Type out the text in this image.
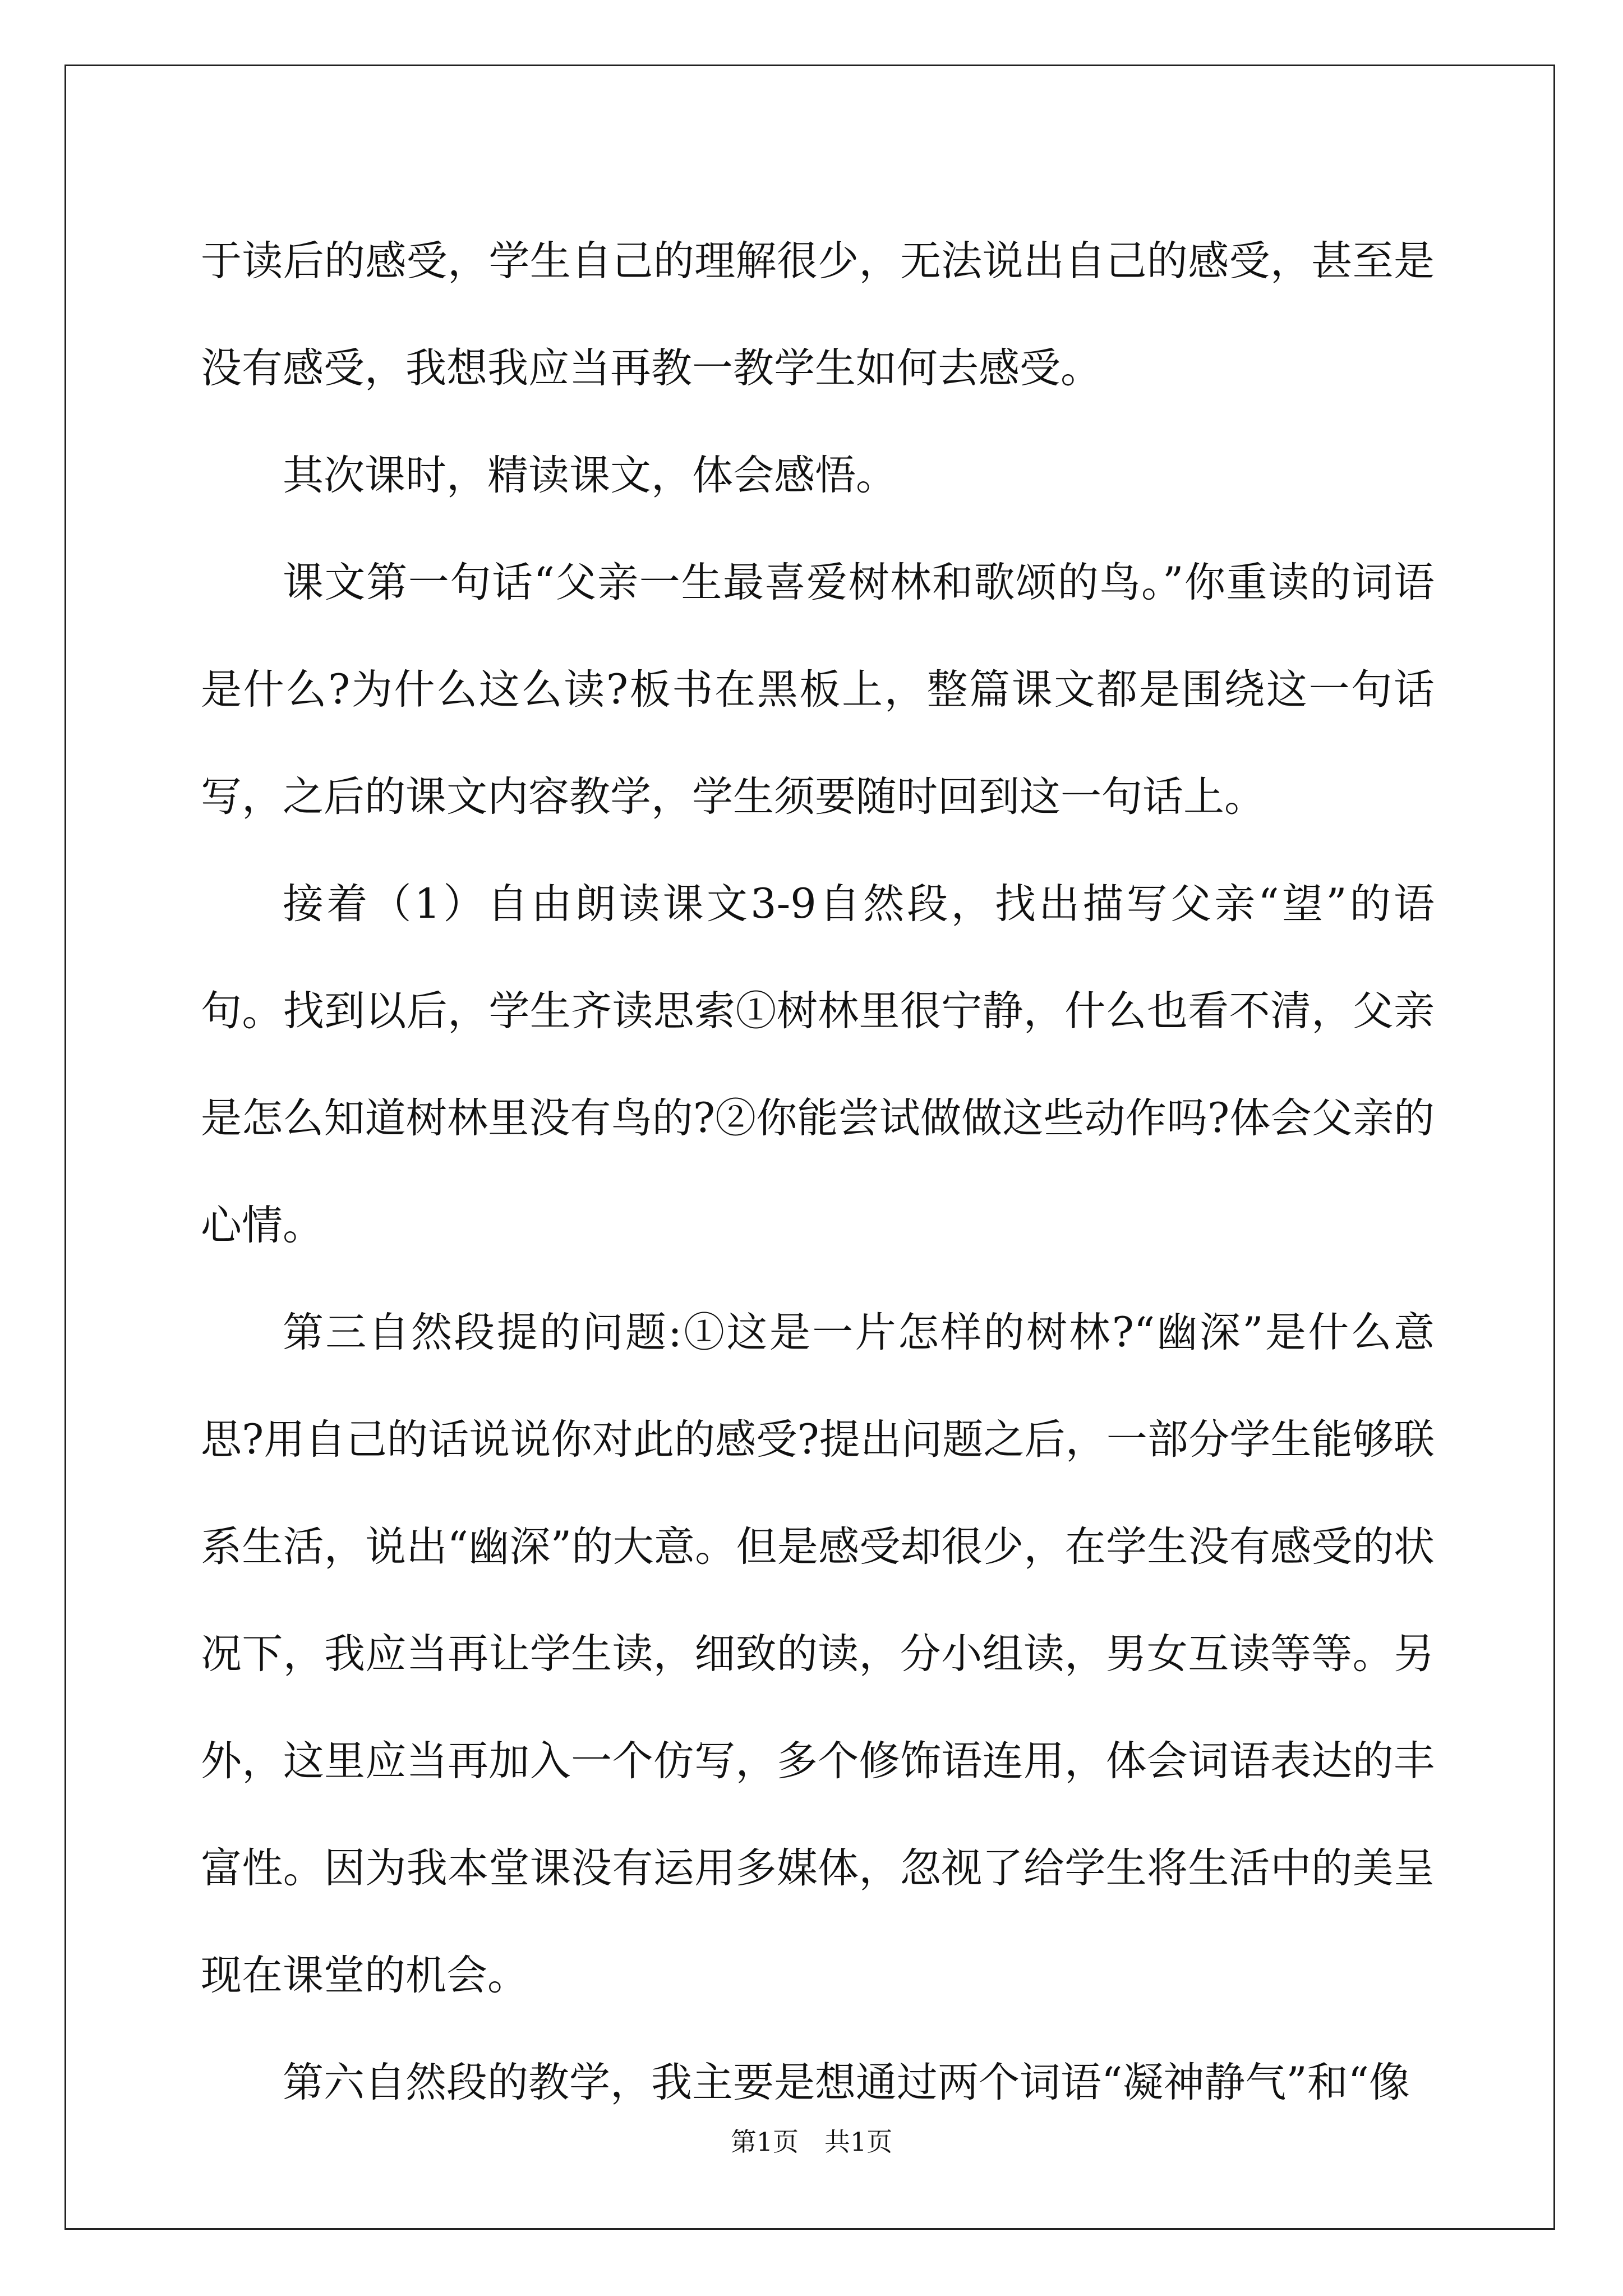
于读后的感受，学生自己的理解很少，无法说出自己的感受，甚至是没有感受，我想我应当再教一教学生如何去感受。

其次课时，精读课文，体会感悟。

课文第一句话“父亲一生最喜爱树林和歌颂的鸟。”你重读的词语是什么?为什么这么读?板书在黑板上，整篇课文都是围绕这一句话写，之后的课文内容教学，学生须要随时回到这一句话上。

接着（1）自由朗读课文3-9自然段，找出描写父亲“望”的语句。找到以后，学生齐读思索①树林里很宁静，什么也看不清，父亲是怎么知道树林里没有鸟的?②你能尝试做做这些动作吗?体会父亲的心情。

第三自然段提的问题:①这是一片怎样的树林?“幽深”是什么意思?用自己的话说说你对此的感受?提出问题之后，一部分学生能够联系生活，说出“幽深”的大意。但是感受却很少，在学生没有感受的状况下，我应当再让学生读，细致的读，分小组读，男女互读等等。另外，这里应当再加入一个仿写，多个修饰语连用，体会词语表达的丰富性。因为我本堂课没有运用多媒体，忽视了给学生将生活中的美呈现在课堂的机会。

第六自然段的教学，我主要是想通过两个词语“凝神静气”和“像

第1页　共1页
